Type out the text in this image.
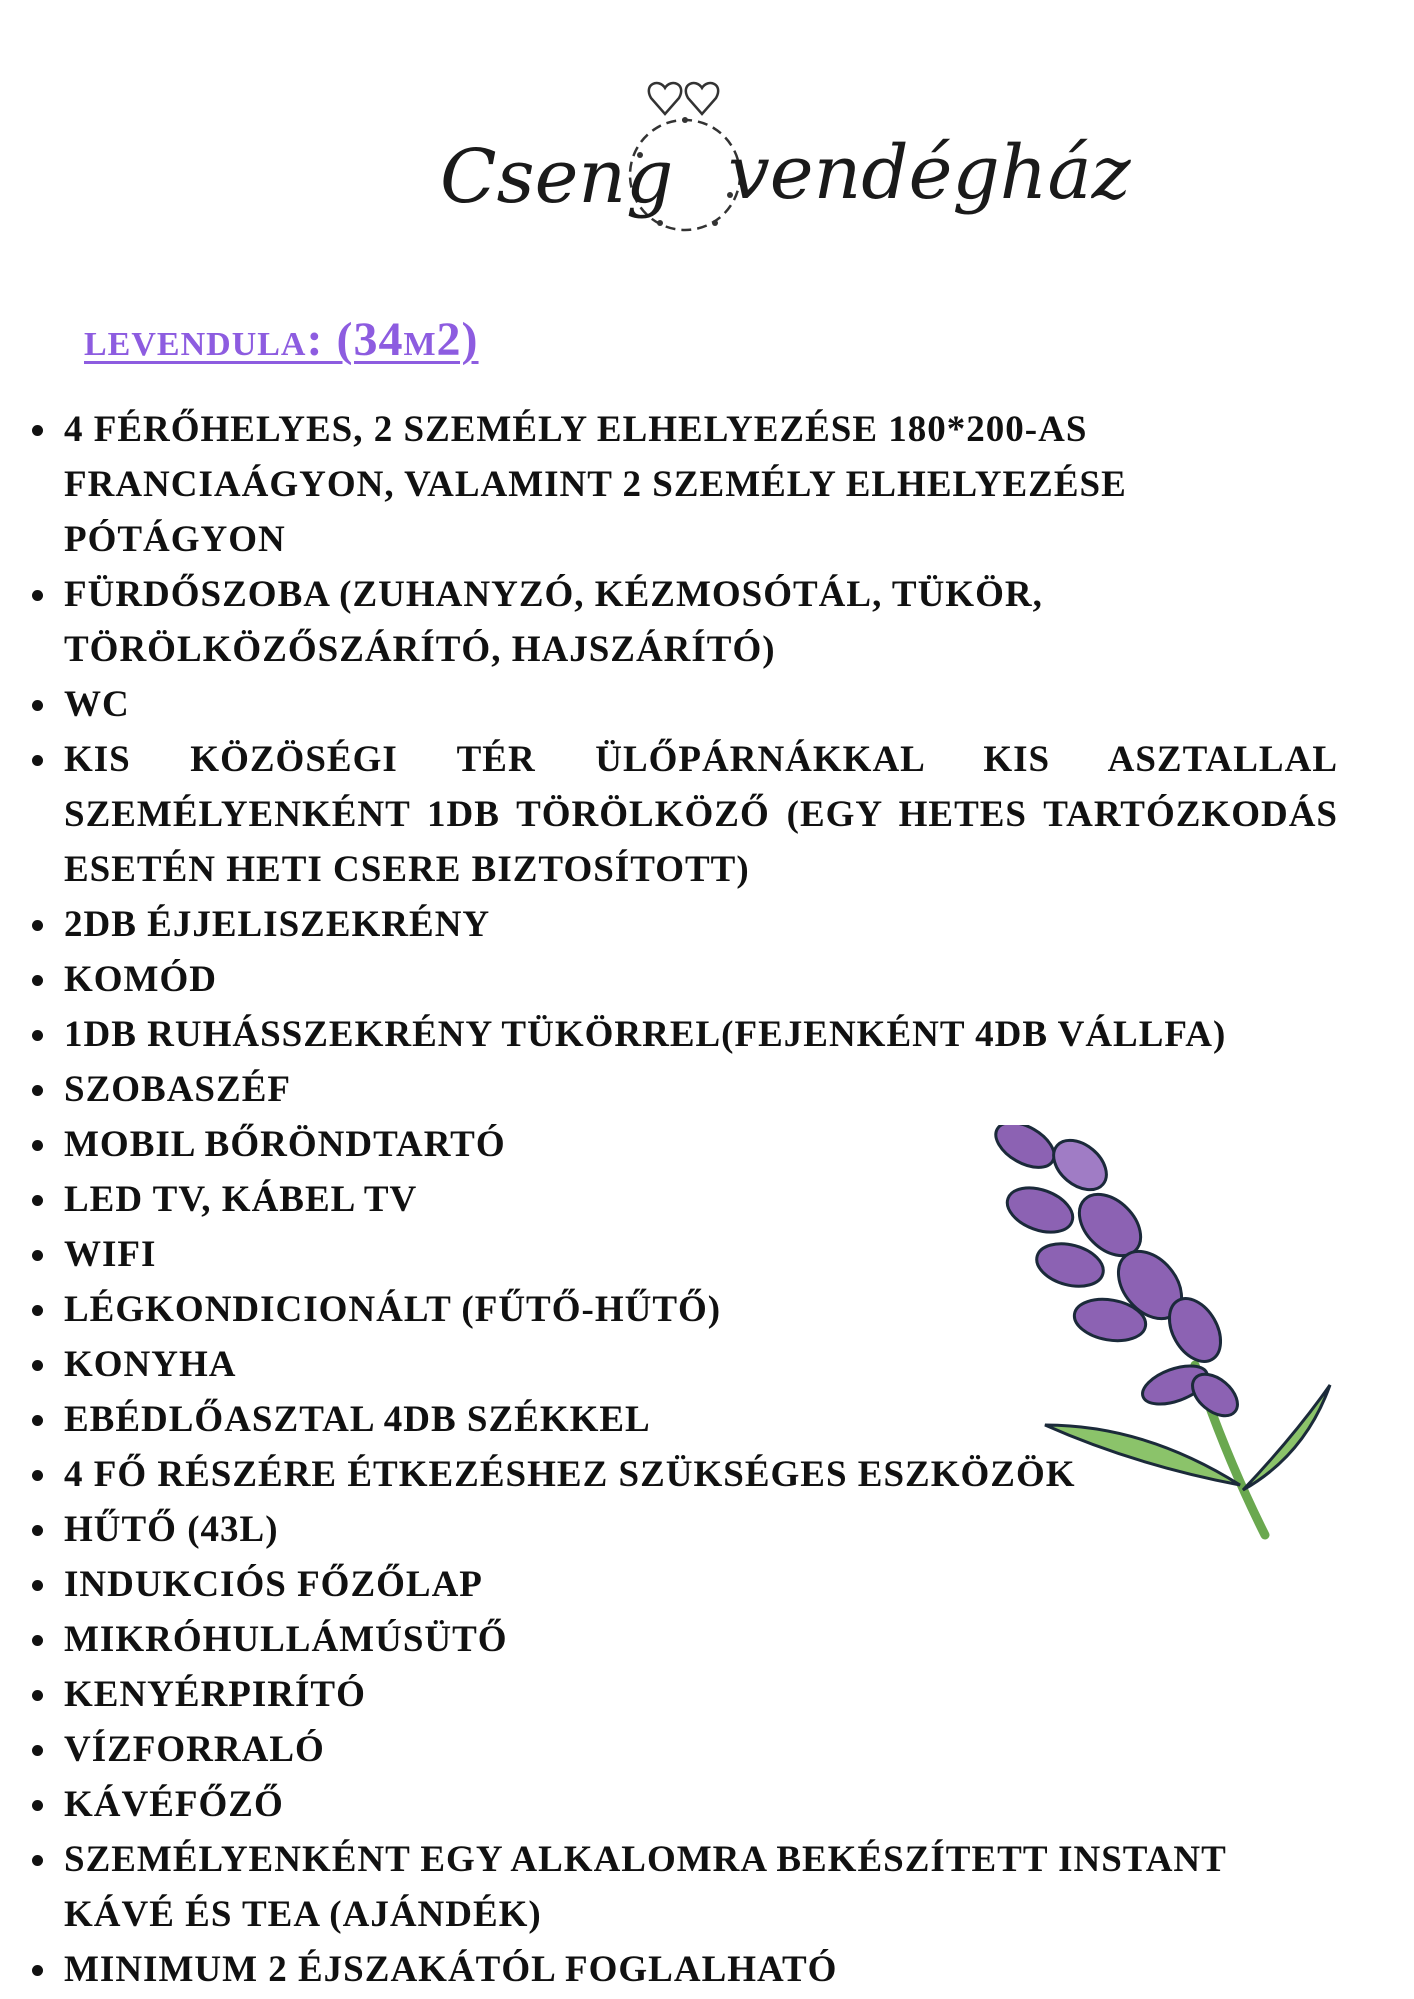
Cseng vendégház
levendula: (34m2)
4 FÉRŐHELYES, 2 SZEMÉLY ELHELYEZÉSE 180*200-AS FRANCIAÁGYON, VALAMINT 2 SZEMÉLY ELHELYEZÉSE PÓTÁGYON
FÜRDŐSZOBA (ZUHANYZÓ, KÉZMOSÓTÁL, TÜKÖR, TÖRÖLKÖZŐSZÁRÍTÓ, HAJSZÁRÍTÓ)
WC
KIS KÖZÖSÉGI TÉR ÜLŐPÁRNÁKKAL KIS ASZTALLAL SZEMÉLYENKÉNT 1DB TÖRÖLKÖZŐ (EGY HETES TARTÓZKODÁS ESETÉN HETI CSERE BIZTOSÍTOTT)
2DB ÉJJELISZEKRÉNY
KOMÓD
1DB RUHÁSSZEKRÉNY TÜKÖRREL(FEJENKÉNT 4DB VÁLLFA)
SZOBASZÉF
MOBIL BŐRÖNDTARTÓ
LED TV, KÁBEL TV
WIFI
LÉGKONDICIONÁLT (FŰTŐ-HŰTŐ)
KONYHA
EBÉDLŐASZTAL 4DB SZÉKKEL
4 FŐ RÉSZÉRE ÉTKEZÉSHEZ SZÜKSÉGES ESZKÖZÖK
HŰTŐ (43L)
INDUKCIÓS FŐZŐLAP
MIKRÓHULLÁMÚSÜTŐ
KENYÉRPIRÍTÓ
VÍZFORRALÓ
KÁVÉFŐZŐ
SZEMÉLYENKÉNT EGY ALKALOMRA BEKÉSZÍTETT INSTANT KÁVÉ ÉS TEA (AJÁNDÉK)
MINIMUM 2 ÉJSZAKÁTÓL FOGLALHATÓ
